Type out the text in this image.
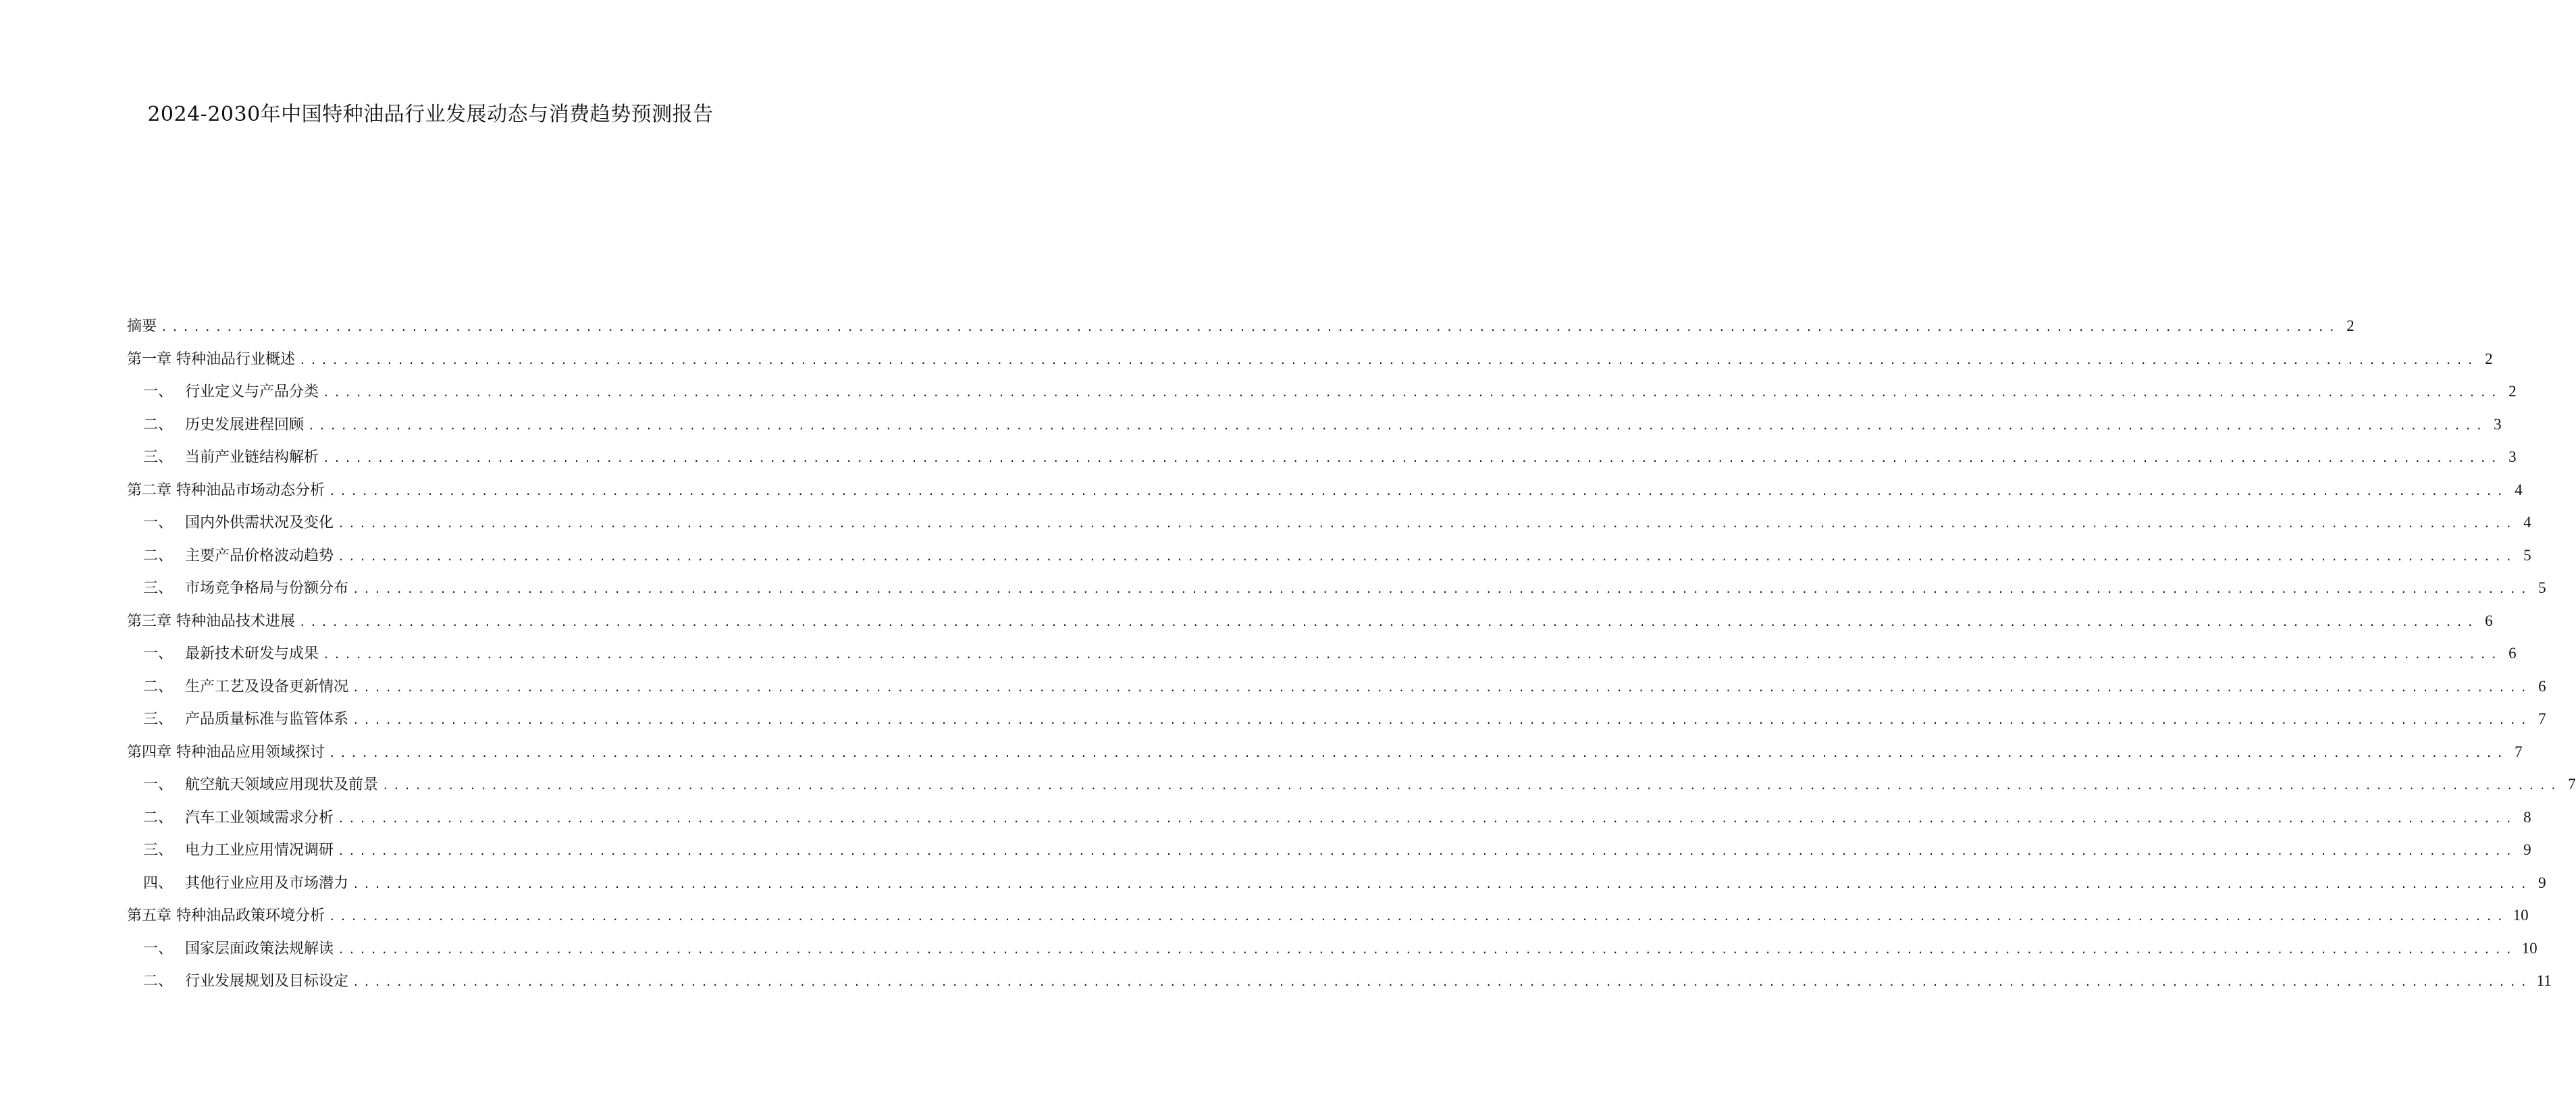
2024-2030年中国特种油品行业发展动态与消费趋势预测报告
摘要 ........................................................................................................................................................................................................ 2
第一章 特种油品行业概述 ........................................................................................................................................................................................................ 2
一、 行业定义与产品分类 ........................................................................................................................................................................................................ 2
二、 历史发展进程回顾 ........................................................................................................................................................................................................ 3
三、 当前产业链结构解析 ........................................................................................................................................................................................................ 3
第二章 特种油品市场动态分析 ........................................................................................................................................................................................................ 4
一、 国内外供需状况及变化 ........................................................................................................................................................................................................ 4
二、 主要产品价格波动趋势 ........................................................................................................................................................................................................ 5
三、 市场竞争格局与份额分布 ........................................................................................................................................................................................................ 5
第三章 特种油品技术进展 ........................................................................................................................................................................................................ 6
一、 最新技术研发与成果 ........................................................................................................................................................................................................ 6
二、 生产工艺及设备更新情况 ........................................................................................................................................................................................................ 6
三、 产品质量标准与监管体系 ........................................................................................................................................................................................................ 7
第四章 特种油品应用领域探讨 ........................................................................................................................................................................................................ 7
一、 航空航天领域应用现状及前景 ........................................................................................................................................................................................................ 7
二、 汽车工业领域需求分析 ........................................................................................................................................................................................................ 8
三、 电力工业应用情况调研 ........................................................................................................................................................................................................ 9
四、 其他行业应用及市场潜力 ........................................................................................................................................................................................................ 9
第五章 特种油品政策环境分析 ........................................................................................................................................................................................................ 10
一、 国家层面政策法规解读 ........................................................................................................................................................................................................ 10
二、 行业发展规划及目标设定 ........................................................................................................................................................................................................ 11
